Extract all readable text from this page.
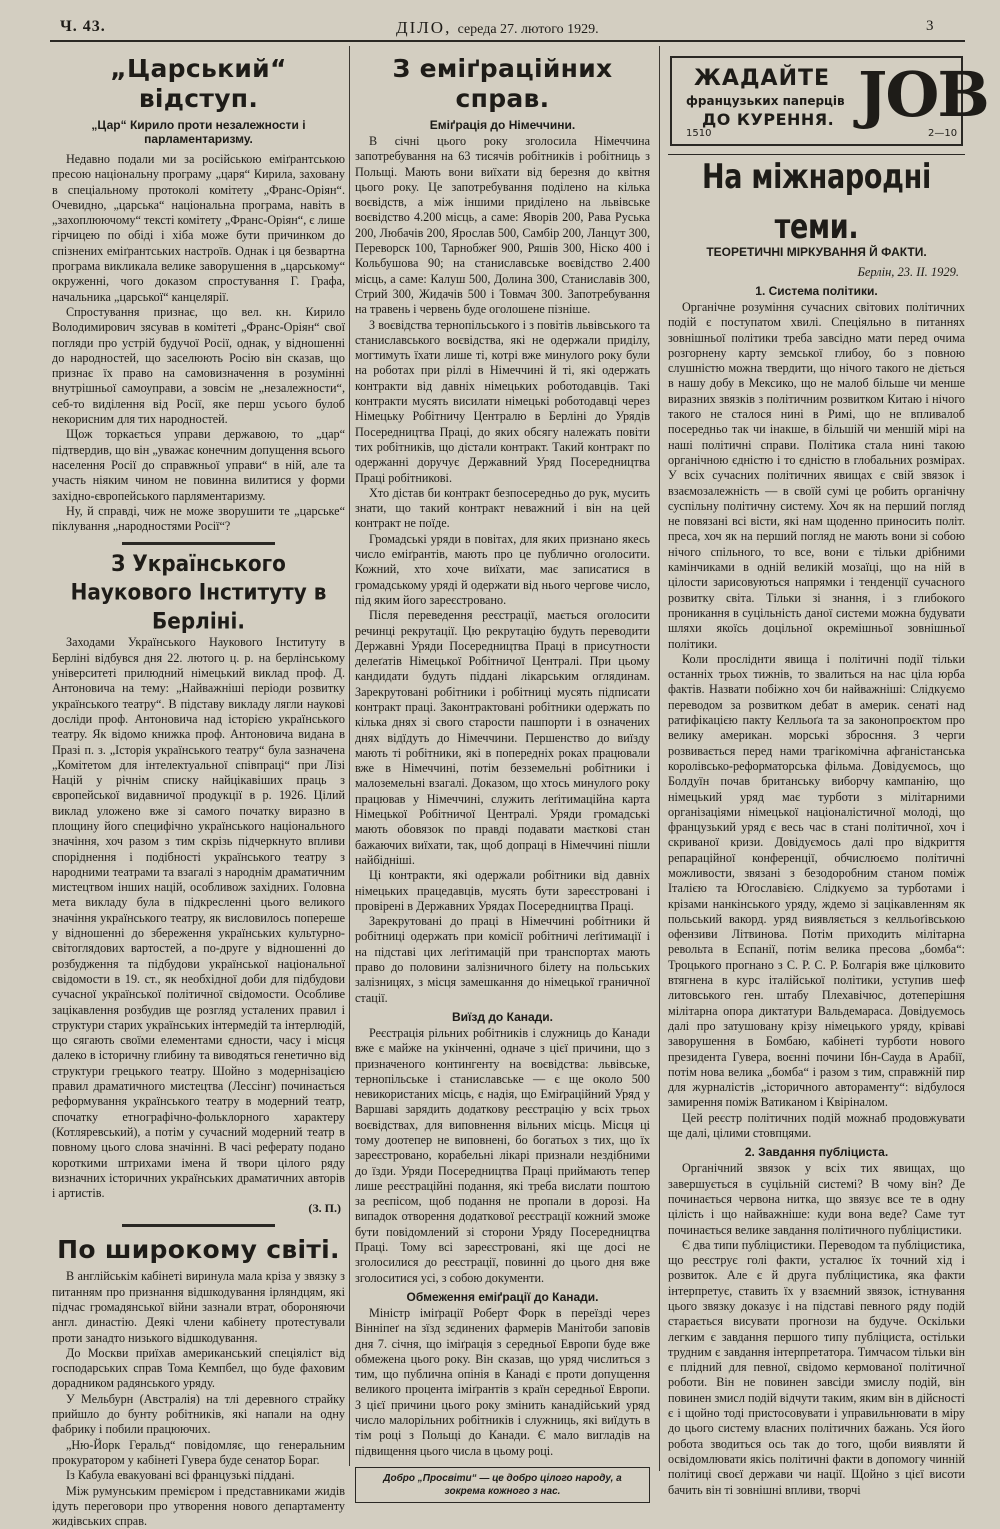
Ч. 43.	ДІЛО, середа 27. лютого 1929.	3
„Царський“ відступ.
„Цар“ Кирило проти незалежности і парламентаризму.

Недавно подали ми за російською еміґрантською пресою національну програму „царя“ Кирила, заховану в спеціальному протоколі комітету „Франс-Оріян“. Очевидно, „царська“ національна програма, навіть в „захоплюючому“ тексті комітету „Франс-Оріян“, є лише гірчицею по обіді і хіба може бути причинком до спізнених еміґрантських настроїв. Однак і ця безвартна програма викликала велике заворушення в „царському“ окруженні, чого доказом спростування Г. Графа, начальника „царської“ канцелярії.

Спростування признає, що вел. кн. Кирило Володимирович зясував в комітеті „Франс-Оріян“ свої погляди про устрій будучої Росії, однак, у відношенні до народностей, що заселюють Росію він сказав, що признає їх право на самовизначення в розумінні внутрішньої самоуправи, а зовсім не „незалежности“, себ-то виділення від Росії, яке перш усього булоб некорисним для тих народностей.

Щож торкається управи державою, то „цар“ підтвердив, що він „уважає конечним допущення всього населення Росії до справжньої управи“ в ній, але та участь ніяким чином не повинна вилитися у форми західно-європейського парляментаризму.

Ну, й справді, чиж не може зворушити те „царське“ піклування „народностями Росії“?

З Українського Наукового Інституту в Берліні.

Заходами Українського Наукового Інституту в Берліні відбувся дня 22. лютого ц. р. на берлінському університеті прилюдний німецький виклад проф. Д. Антоновича на тему: „Найважніші періоди розвитку українського театру“. В підставу викладу лягли наукові досліди проф. Антоновича над історією українського театру. Як відомо книжка проф. Антоновича видана в Празі п. з. „Історія українського театру“ була зазначена „Комітетом для інтелектуальної співпраці“ при Лізі Націй у річнім списку найцікавіших праць з європейської видавничої продукції в р. 1926. Цілий виклад уложено вже зі самого початку виразно в площину його специфічно українського національного значіння, хоч разом з тим скрізь підчеркнуто впливи споріднення і подібності українського театру з народними театрами та взагалі з народнім драматичним мистецтвом інших націй, особливож західних. Головна мета викладу була в підкресленні цього великого значіння українського театру, як висловилось попереше у відношенні до збереження українських культурно-світоглядових вартостей, а по-друге у відношенні до розбудження та підбудови української національної свідомости в 19. ст., як необхідної доби для підбудови сучасної української політичної свідомости. Особливе зацікавлення розбудив ще розгляд усталених правил і структури старих українських інтермедій та інтерлюдій, що сягають своїми елементами єдности, часу і місця далеко в історичну глибину та виводяться генетично від структури грецького театру. Шойно з модернізацією правил драматичного мистецтва (Лессінг) починається реформування українського театру в модерний театр, спочатку етнографічно-фольклорного характеру (Котляревський), а потім у сучасний модерний театр в повному цього слова значінні. В часі реферату подано короткими штрихами імена й твори цілого ряду визначних історичних українських драматичних авторів і артистів.

(З. П.)
По широкому світі.

В англійськім кабінеті виринула мала кріза у звязку з питанням про признання відшкодування ірляндцям, які підчас громадянської війни зазнали втрат, обороняючи англ. династію. Деякі члени кабінету протестували проти занадто низького відшкодування.

До Москви приїхав американський спеціяліст від господарських справ Тома Кемпбел, що буде фаховим дорадником радянського уряду.

У Мельбурн (Австралія) на тлі деревного страйку прийшло до бунту робітників, які напали на одну фабрику і побили працюючих.

„Ню-Йорк Геральд“ повідомляє, що генеральним прокуратором у кабінеті Гувера буде сенатор Бораг.

Із Кабула евакуовані всі французькі піддані.

Між румунським премієром і представниками жидів ідуть переговори про утворення нового департаменту жидівських справ.

З еміґраційних справ.
Еміґрація до Німеччини.

В січні цього року зголосила Німеччина запотребування на 63 тисячів робітників і робітниць з Польщі. Мають вони виїхати від березня до квітня цього року. Це запотребування поділено на кілька воєвідств, а між іншими приділено на львівське воєвідство 4.200 місць, а саме: Яворів 200, Рава Руська 200, Любачів 200, Ярослав 500, Самбір 200, Ланцут 300, Переворск 100, Тарнобжеґ 900, Ряшів 300, Ніско 400 і Кольбушова 90; на станиславське воєвідство 2.400 місць, а саме: Калуш 500, Долина 300, Станиславів 300, Стрий 300, Жидачів 500 і Товмач 300. Запотребування на травень і червень буде оголошене пізніше.

З воєвідства тернопільського і з повітів львівського та станиславського воєвідства, які не одержали приділу, могтимуть їхати лише ті, котрі вже минулого року були на роботах при ріллі в Німеччині й ті, які одержать контракти від давніх німецьких роботодавців. Такі контракти мусять висилати німецькі роботодавці через Німецьку Робітничу Централю в Берліні до Урядів Посередництва Праці, до яких обсягу належать повіти тих робітників, що дістали контракт. Такий контракт по одержанні доручує Державний Уряд Посередництва Праці робітникові.

Хто дістав би контракт безпосередньо до рук, мусить знати, що такий контракт неважний і він на цей контракт не поїде.

Громадські уряди в повітах, для яких признано якесь число еміґрантів, мають про це публично оголосити. Кожний, хто хоче виїхати, має записатися в громадському уряді й одержати від нього чергове число, під яким його зареєстровано.

Після переведення реєстрації, мається оголосити речинці рекрутації. Цю рекрутацію будуть переводити Державні Уряди Посередництва Праці в присутности делеґатів Німецької Робітничої Централі. При цьому кандидати будуть піддані лікарським оглядинам. Зарекрутовані робітники і робітниці мусять підписати контракт праці. Законтрактовані робітники одержать по кілька днях зі свого старости пашпорти і в означених днях відїдуть до Німеччини. Першенство до виїзду мають ті робітники, які в попередніх роках працювали вже в Німеччині, потім безземельні робітники і малоземельні взагалі. Доказом, що хтось минулого року працював у Німеччині, служить леґітимаційна карта Німецької Робітничої Централі. Уряди громадські мають обовязок по правді подавати маєткові стан бажаючих виїхати, так, щоб допраці в Німеччині пішли найбідніші.

Ці контракти, які одержали робітники від давніх німецьких працедавців, мусять бути зареєстровані і провірені в Державних Урядах Посередництва Праці.

Зарекрутовані до праці в Німеччині робітники й робітниці одержать при комісії робітничі леґітимації і на підставі цих леґітимацій при транспортах мають право до половини залізничного білету на польських залізницях, з місця замешкання до німецької граничної стації.

Виїзд до Канади.

Реєстрація рільних робітників і служниць до Канади вже є майже на укінченні, одначе з цієї причини, що з призначеного контингенту на воєвідства: львівське, тернопільське і станиславське — є ще около 500 невикористаних місць, є надія, що Еміґраційний Уряд у Варшаві зарядить додаткову реєстрацію у всіх трьох воєвідствах, для виповнення вільних місць. Місця ці тому доотепер не виповнені, бо богатьох з тих, що їх зареєстровано, корабельні лікарі признали нездібними до їзди. Уряди Посередництва Праці приймають тепер лише реєстраційні подання, які треба вислати поштою за реєпісом, щоб подання не пропали в дорозі. На випадок отворення додаткової реєстрації кожний зможе бути повідомлений зі сторони Уряду Посередництва Праці. Тому всі зареєстровані, які ще досі не зголосилися до реєстрації, повинні до цього дня вже зголоситися усі, з собою документи.

Обмеження еміґрації до Канади.

Міністр іміґрації Роберт Форк в переїзді через Вінніпеґ на зїзд зєдинених фармерів Манітоби заповів дня 7. січня, що іміґрація з середньої Европи буде вже обмежена цього року. Він сказав, що уряд числиться з тим, що публична опінія в Канаді є проти допущення великого процента іміґрантів з країн середньої Европи. З цієї причини цього року змінить канадійський уряд число малорільних робітників і служниць, які виїдуть в тім році з Польщі до Канади. Є мало вигладів на підвищення цього числа в цьому році.

Добро „Просвіти“ — це добро цілого народу, а зокрема кожного з нас.
ЖАДАЙТЕ
французьких паперців
ДО КУРЕННЯ. JOB
1510	2—10
На міжнародні теми.
ТЕОРЕТИЧНІ МІРКУВАННЯ Й ФАКТИ.
Берлін, 23. II. 1929.
1. Система політики.

Органічне розуміння сучасних світових політичних подій є поступатом хвилі. Спеціяльно в питаннях зовнішньої політики треба завсідно мати перед очима розгорнену карту земської глибоу, бо з повною слушністю можна твердити, що нічого такого не діється в нашу добу в Мексико, що не малоб більше чи менше виразних звязків з політичним розвитком Китаю і нічого такого не сталося нині в Римі, що не впливалоб посередньо так чи інакше, в більшій чи меншій мірі на наші політичні справи. Політика стала нині такою органічною єдністю і то єдністю в глобальних розмірах. У всіх сучасних політичних явищах є свій звязок і взаємозалежність — в своїй сумі це робить органічну суспільну політичну систему. Хоч як на перший погляд не повязані всі вісти, які нам щоденно приносить політ. преса, хоч як на перший погляд не мають вони зі собою нічого спільного, то все, вони є тільки дрібними камінчиками в одній великій мозаїці, що на ній в цілости зарисовуються напрямки і тенденції сучасного розвитку світа. Тільки зі знання, і з глибокого проникання в суцільність даної системи можна будувати шляхи якоїсь доцільної окремішньої зовнішньої політики.

Коли просліднти явища і політичні події тільки останніх трьох тижнів, то звалиться на нас ціла юрба фактів. Назвати побіжно хоч би найважніші: Слідкуємо переводом за розвитком дебат в америк. сенаті над ратифікацією пакту Келльоґа та за законопроєктом про велику американ. морські збросння. З черги розвивається перед нами трагікомічна афганістанська королівсько-реформаторська фільма. Довідуємось, що Болдуїн почав британську виборчу кампанію, що німецький уряд має турботи з мілітарними організаціями німецької націоналістичної молоді, що французький уряд є весь час в стані політичної, хоч і скриваної кризи. Довідуємось далі про відкриття репараційної конференції, обчислюємо політичні можливости, звязані з безодоробним станом поміж Італією та Югославією. Слідкуємо за турботами і крізами нанкінського уряду, ждемо зі зацікавленням як польський вакорд. уряд виявляється з келльоґівською офензиви Літвинова. Потім приходить мілітарна револьта в Еспанії, потім велика пресова „бомба“: Троцького прогнано з С. Р. С. Р. Болгарія вже цілковито втягнена в курс італійської політики, уступив шеф литовського ген. штабу Плехавічюс, дотеперішня мілітарна опора диктатури Вальдемараса. Довідуємось далі про затушовану крізу німецького уряду, кріваві заворушення в Бомбаю, кабінеті турботи нового президента Гувера, воєнні почини Ібн-Сауда в Арабії, потім нова велика „бомба“ і разом з тим, справжній пир для журналістів „історичного автораменту“: відбулося замирення поміж Ватиканом і Квіріналом.

Цей реєстр політичних подій можнаб продовжувати ще далі, цілими стовпцями.

2. Завдання публіциста.

Органічний звязок у всіх тих явищах, що завершується в суцільній системі? В чому він? Де починається червона нитка, що звязує все те в одну цілість і що найважніше: куди вона веде? Саме тут починається велике завдання політичного публіцистики.

Є два типи публіцистики. Переводом та публіцистика, що реєструє голі факти, усталює їх точний хід і розвиток. Але є й друга публіцистика, яка факти інтерпретує, ставить їх у взаємний звязок, істнування цього звязку доказує і на підставі певного ряду подій старається висувати прогнози на будуче. Оскільки легким є завдання першого типу публіциста, остільки трудним є завдання інтерпретатора. Тимчасом тільки він є плідний для певної, свідомо кермованої політичної роботи. Він не повинен завсіди змислу подій, він повинен змисл подій відчути таким, яким він в дійсності є і щойно тоді пристосовувати і управильнювати в міру до цього систему власних політичних бажань. Уся його робота зводиться ось так до того, щоби виявляти й освідомлювати якісь політичні факти в допомогу чинній політиці своєї держави чи нації. Щойно з цієї висоти бачить він ті зовнішні впливи, творчі
